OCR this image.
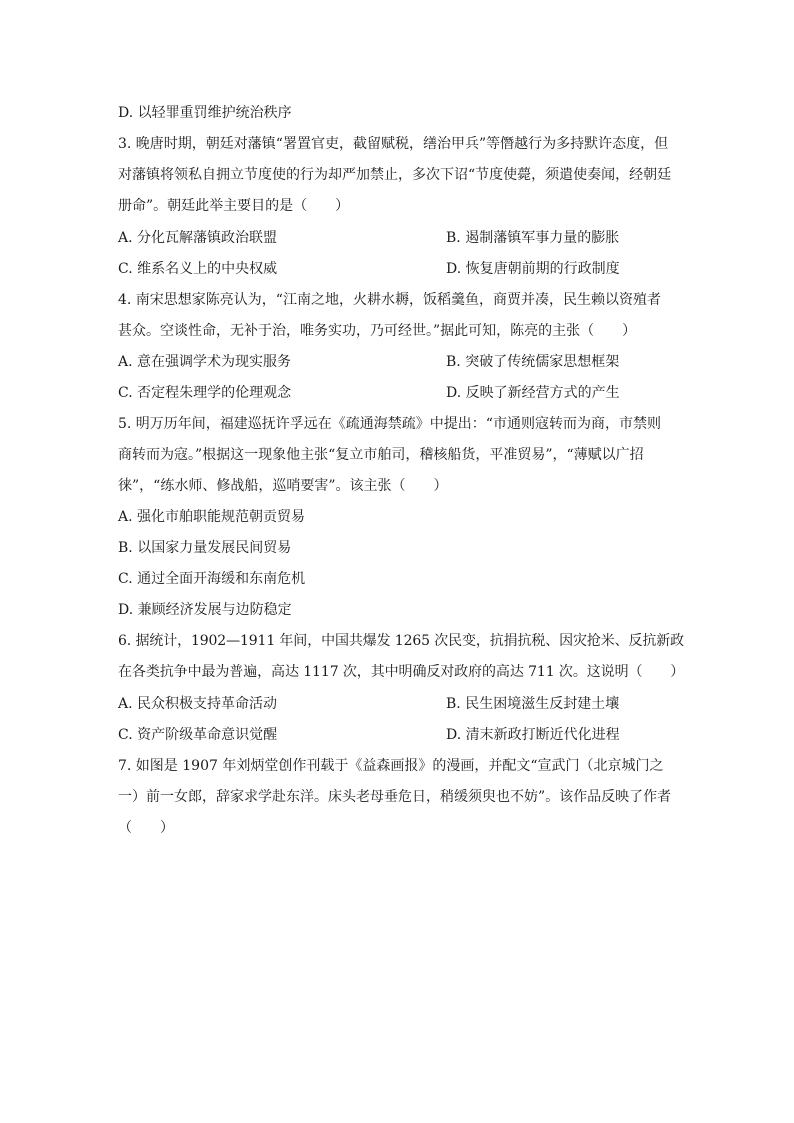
D. 以轻罪重罚维护统治秩序
3. 晚唐时期，朝廷对藩镇“署置官吏，截留赋税，缮治甲兵”等僭越行为多持默许态度，但
对藩镇将领私自拥立节度使的行为却严加禁止，多次下诏“节度使薨，须遣使奏闻，经朝廷
册命”。朝廷此举主要目的是（　　）
A. 分化瓦解藩镇政治联盟	B. 遏制藩镇军事力量的膨胀
C. 维系名义上的中央权威	D. 恢复唐朝前期的行政制度
4. 南宋思想家陈亮认为，“江南之地，火耕水耨，饭稻羹鱼，商贾并凑，民生赖以资殖者
甚众。空谈性命，无补于治，唯务实功，乃可经世。”据此可知，陈亮的主张（　　）
A. 意在强调学术为现实服务	B. 突破了传统儒家思想框架
C. 否定程朱理学的伦理观念	D. 反映了新经营方式的产生
5. 明万历年间，福建巡抚许孚远在《疏通海禁疏》中提出：“市通则寇转而为商，市禁则
商转而为寇。”根据这一现象他主张“复立市舶司，稽核船货，平准贸易”，“薄赋以广招
徕”，“练水师、修战船，巡哨要害”。该主张（　　）
A. 强化市舶职能规范朝贡贸易
B. 以国家力量发展民间贸易
C. 通过全面开海缓和东南危机
D. 兼顾经济发展与边防稳定
6. 据统计，1902—1911 年间，中国共爆发 1265 次民变，抗捐抗税、因灾抢米、反抗新政
在各类抗争中最为普遍，高达 1117 次，其中明确反对政府的高达 711 次。这说明（　　）
A. 民众积极支持革命活动	B. 民生困境滋生反封建土壤
C. 资产阶级革命意识觉醒	D. 清末新政打断近代化进程
7. 如图是 1907 年刘炳堂创作刊载于《益森画报》的漫画，并配文“宣武门（北京城门之
一）前一女郎，辞家求学赴东洋。床头老母垂危日，稍缓须臾也不妨”。该作品反映了作者
（　　）
